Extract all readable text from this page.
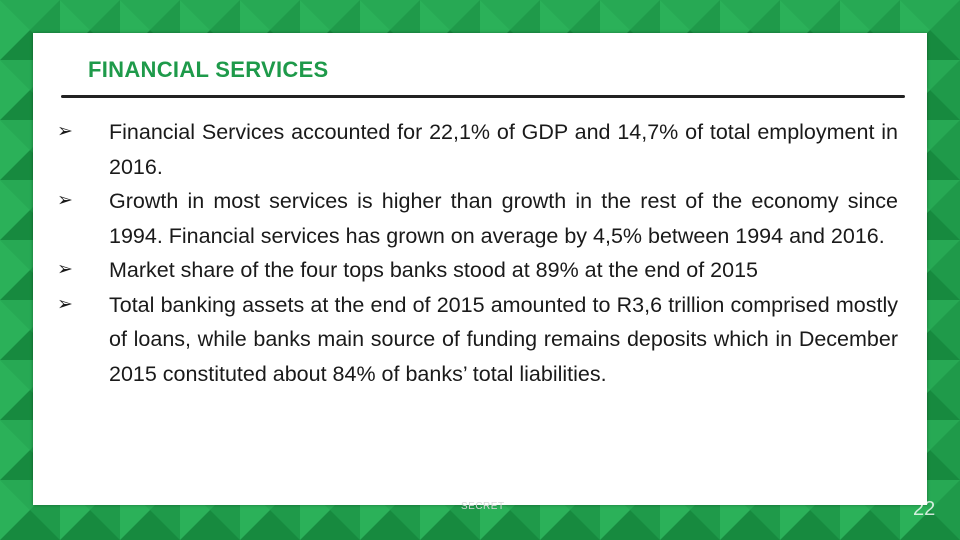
FINANCIAL SERVICES
➢	Financial Services accounted for 22,1% of GDP and 14,7% of total employment in 2016.
➢	Growth in most services is higher than growth in the rest of the economy since 1994. Financial services has grown on average by 4,5% between 1994 and 2016.
➢	Market share of the four tops banks stood at 89% at the end of 2015
➢	Total banking assets at the end of 2015 amounted to R3,6 trillion comprised mostly of loans, while banks main source of funding remains deposits which in December 2015 constituted about 84% of banks’ total liabilities.
SECRET	22
